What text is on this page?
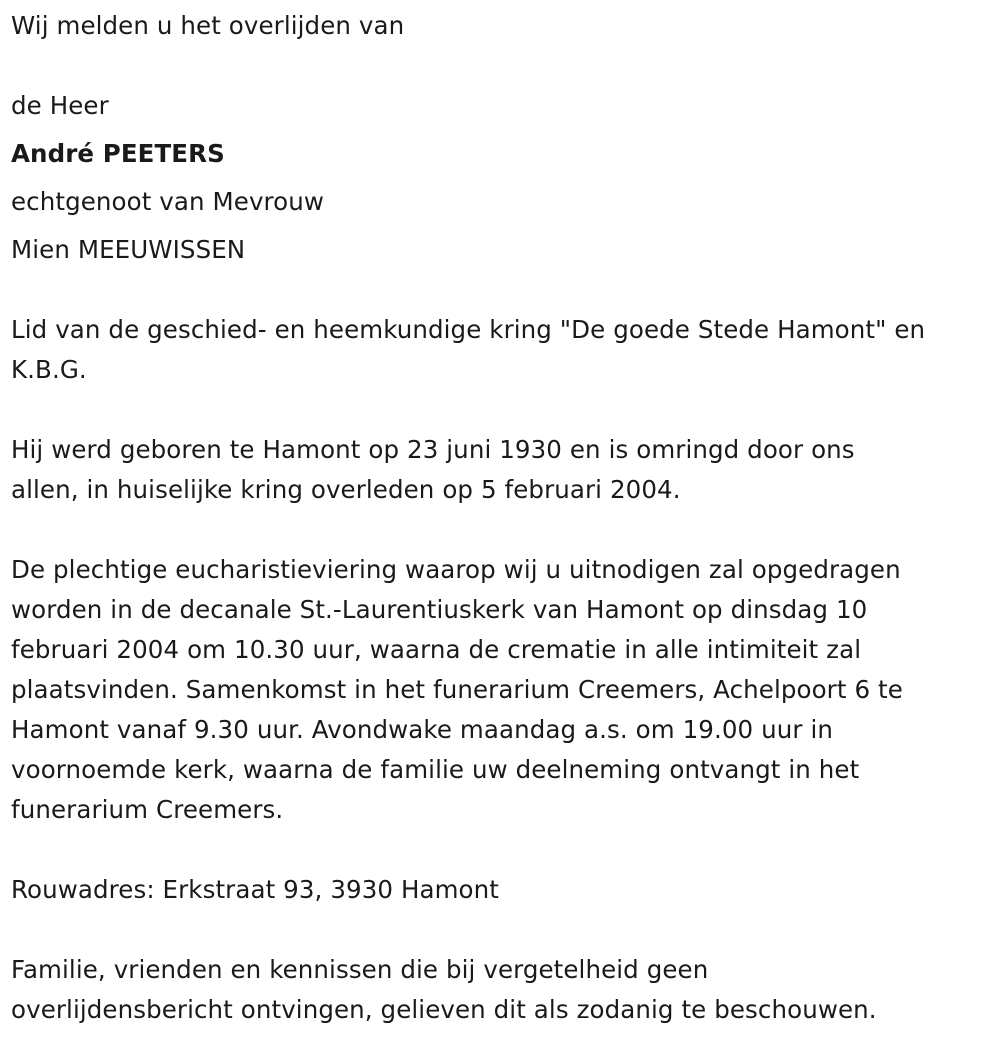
Wij melden u het overlijden van
de Heer
André PEETERS
echtgenoot van Mevrouw
Mien MEEUWISSEN
Lid van de geschied- en heemkundige kring "De goede Stede Hamont" en
K.B.G.
Hij werd geboren te Hamont op 23 juni 1930 en is omringd door ons
allen, in huiselijke kring overleden op 5 februari 2004.
De plechtige eucharistieviering waarop wij u uitnodigen zal opgedragen
worden in de decanale St.-Laurentiuskerk van Hamont op dinsdag 10
februari 2004 om 10.30 uur, waarna de crematie in alle intimiteit zal
plaatsvinden. Samenkomst in het funerarium Creemers, Achelpoort 6 te
Hamont vanaf 9.30 uur. Avondwake maandag a.s. om 19.00 uur in
voornoemde kerk, waarna de familie uw deelneming ontvangt in het
funerarium Creemers.
Rouwadres: Erkstraat 93, 3930 Hamont
Familie, vrienden en kennissen die bij vergetelheid geen
overlijdensbericht ontvingen, gelieven dit als zodanig te beschouwen.
